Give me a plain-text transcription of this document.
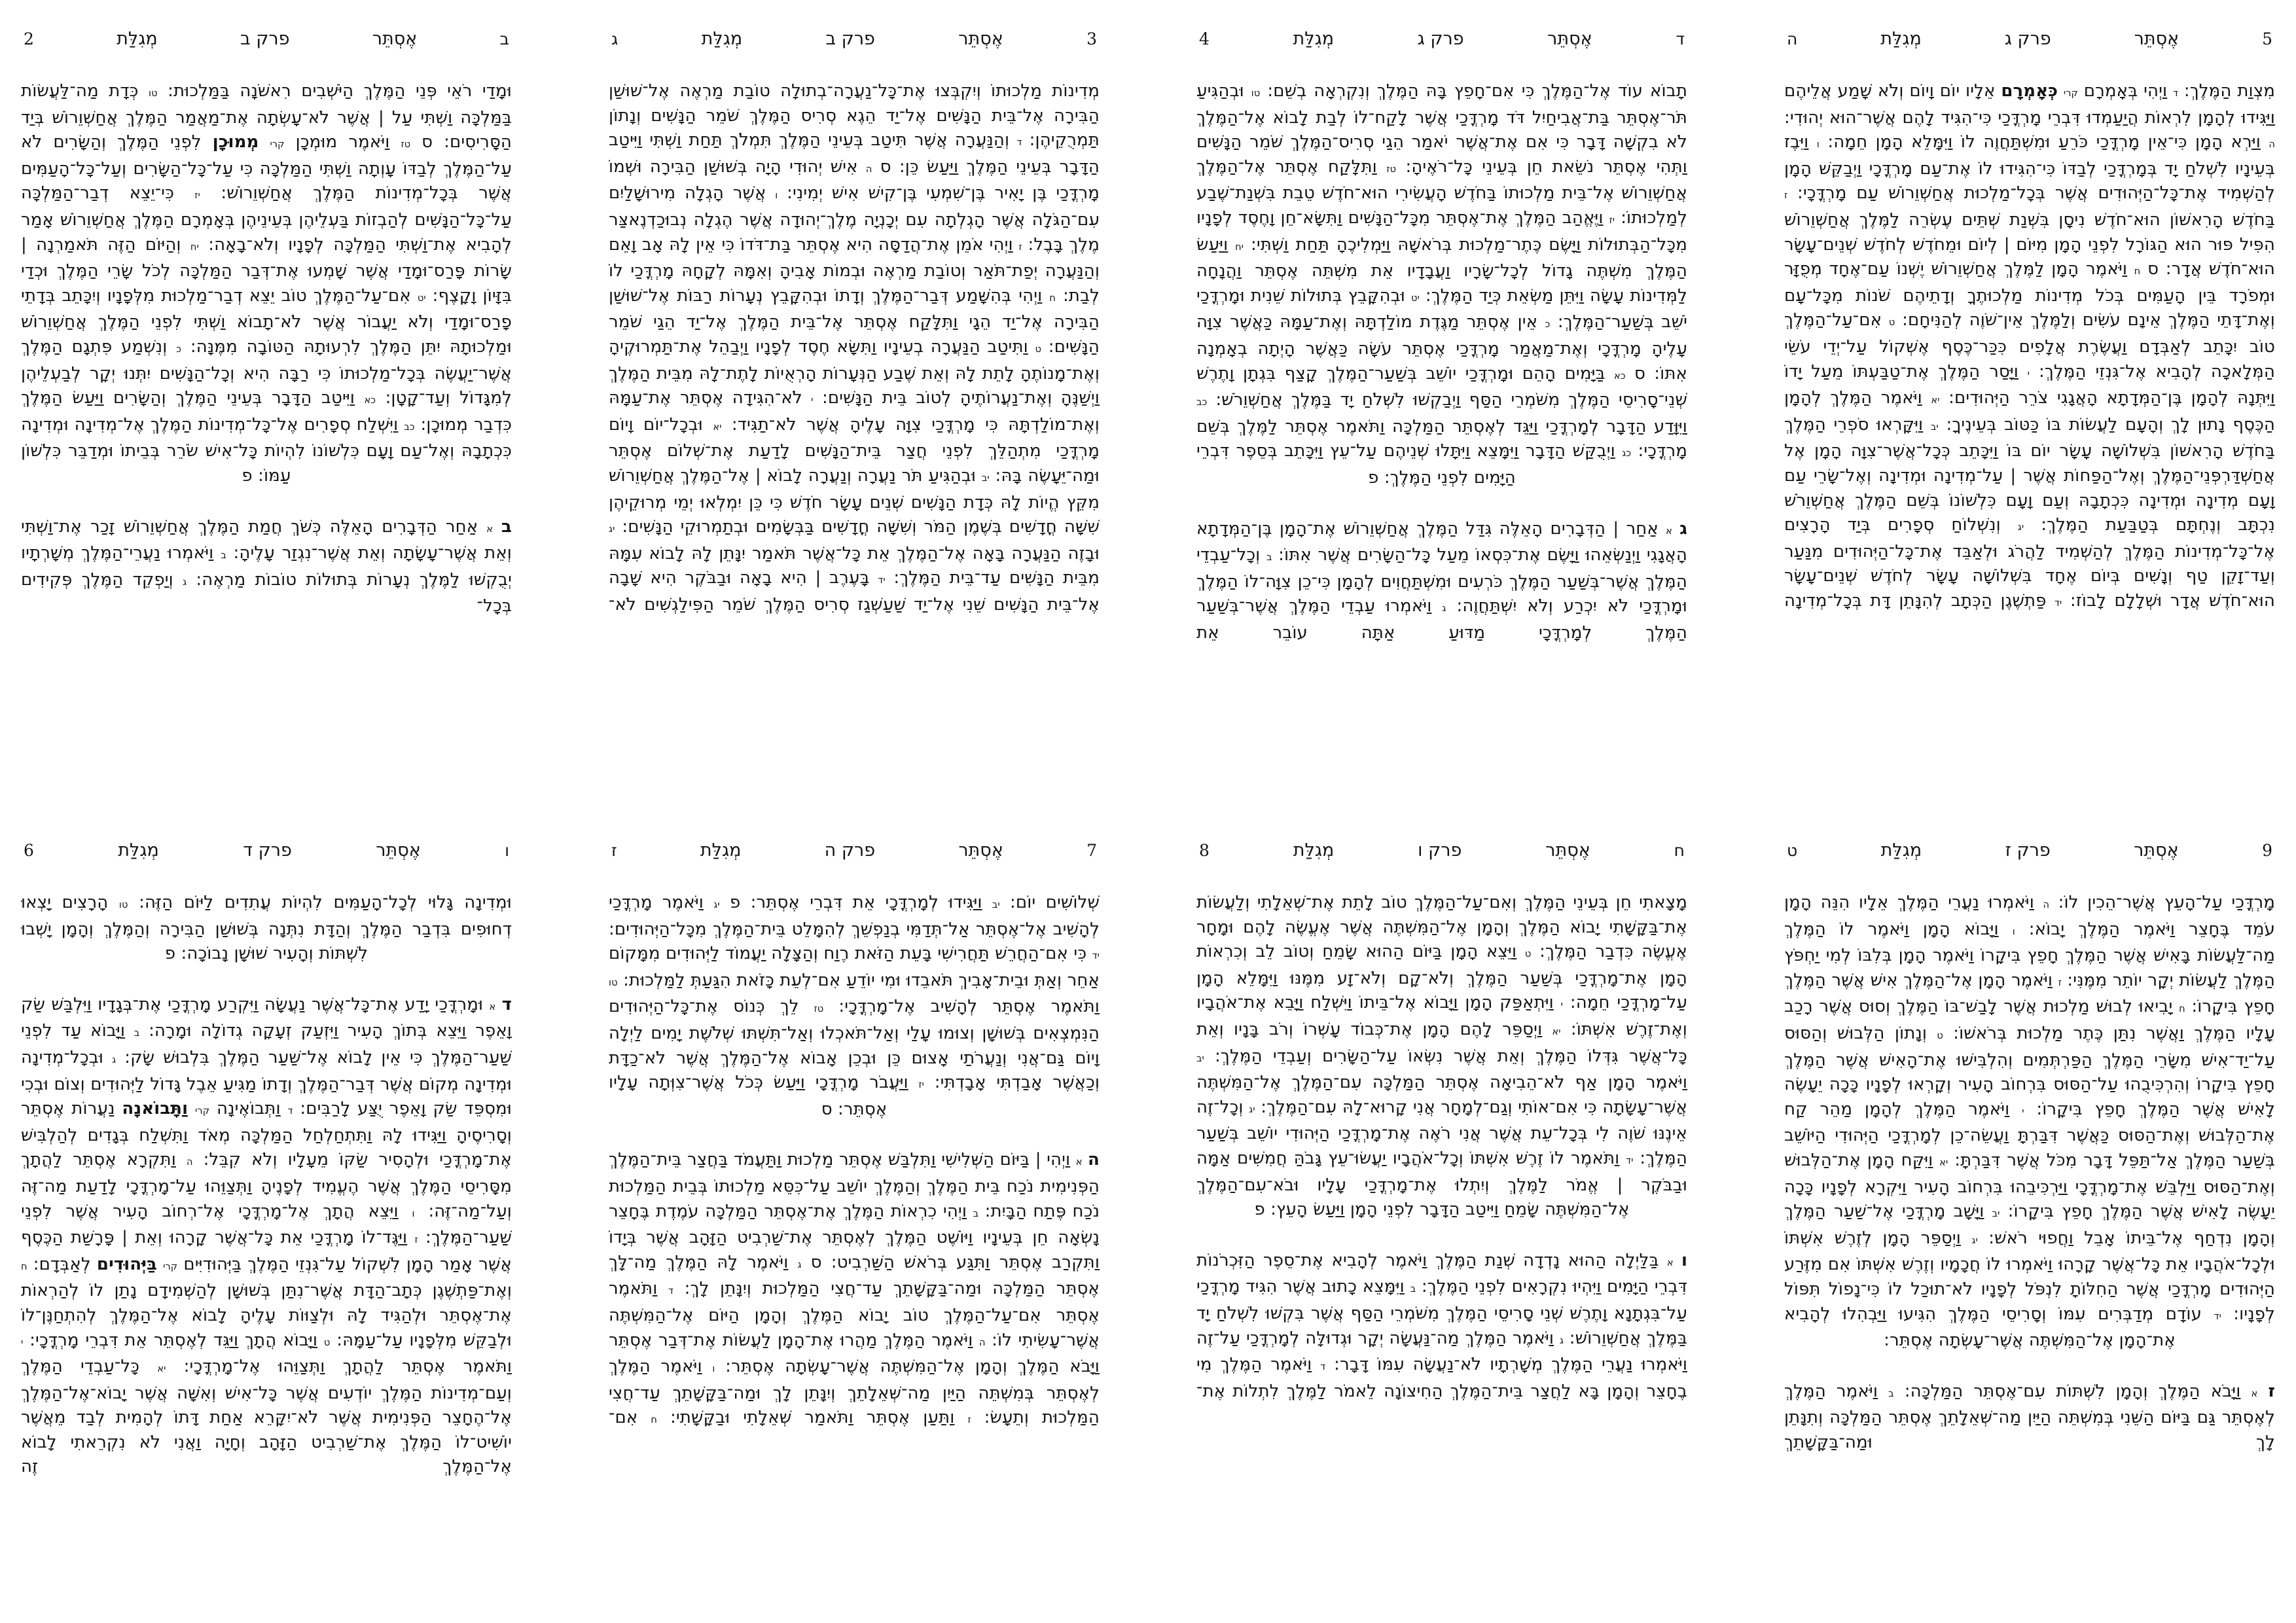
2	מְגִלַּת	פרק ב	אֶסְתֵּר	ב

וּמָדַי רֹאֵי פְּנֵי הַמֶּלֶךְ הַיֹּשְׁבִים רִאשֹׁנָה בַּמַּלְכוּת: טו כְּדָת מַה־לַּעֲשׂוֹת בַּמַּלְכָּה וַשְׁתִּי עַל | אֲשֶׁר לֹא־עָשְׂתָה אֶת־מַאֲמַר הַמֶּלֶךְ אֲחַשְׁוֵרוֹשׁ בְּיַד הַסָּרִיסִים: ס טז וַיֹּאמֶר מוּמְכָן קרי מְמוּכָן לִפְנֵי הַמֶּלֶךְ וְהַשָּׂרִים לֹא עַל־הַמֶּלֶךְ לְבַדּוֹ עָוְתָה וַשְׁתִּי הַמַּלְכָּה כִּי עַל־כָּל־הַשָּׂרִים וְעַל־כָּל־הָעַמִּים אֲשֶׁר בְּכָל־מְדִינוֹת הַמֶּלֶךְ אֲחַשְׁוֵרוֹשׁ: יז כִּי־יֵצֵא דְבַר־הַמַּלְכָּה עַל־כָּל־הַנָּשִׁים לְהַבְזוֹת בַּעְלֵיהֶן בְּעֵינֵיהֶן בְּאָמְרָם הַמֶּלֶךְ אֲחַשְׁוֵרוֹשׁ אָמַר לְהָבִיא אֶת־וַשְׁתִּי הַמַּלְכָּה לְפָנָיו וְלֹא־בָאָה: יח וְהַיּוֹם הַזֶּה תֹּאמַרְנָה | שָׂרוֹת פָּרַס־וּמָדַי אֲשֶׁר שָׁמְעוּ אֶת־דְּבַר הַמַּלְכָּה לְכֹל שָׂרֵי הַמֶּלֶךְ וּכְדַי בִּזָּיוֹן וָקָצֶף: יט אִם־עַל־הַמֶּלֶךְ טוֹב יֵצֵא דְבַר־מַלְכוּת מִלְּפָנָיו וְיִכָּתֵב בְּדָתֵי פָרַס־וּמָדַי וְלֹא יַעֲבוֹר אֲשֶׁר לֹא־תָבוֹא וַשְׁתִּי לִפְנֵי הַמֶּלֶךְ אֲחַשְׁוֵרוֹשׁ וּמַלְכוּתָהּ יִתֵּן הַמֶּלֶךְ לִרְעוּתָהּ הַטּוֹבָה מִמֶּנָּה: כ וְנִשְׁמַע פִּתְגָם הַמֶּלֶךְ אֲשֶׁר־יַעֲשֶׂה בְּכָל־מַלְכוּתוֹ כִּי רַבָּה הִיא וְכָל־הַנָּשִׁים יִתְּנוּ יְקָר לְבַעְלֵיהֶן לְמִגָּדוֹל וְעַד־קָטָן: כא וַיִּיטַב הַדָּבָר בְּעֵינֵי הַמֶּלֶךְ וְהַשָּׂרִים וַיַּעַשׂ הַמֶּלֶךְ כִּדְבַר מְמוּכָן: כב וַיִּשְׁלַח סְפָרִים אֶל־כָּל־מְדִינוֹת הַמֶּלֶךְ אֶל־מְדִינָה וּמְדִינָה כִּכְתָבָהּ וְאֶל־עַם וָעָם כִּלְשׁוֹנוֹ לִהְיוֹת כָּל־אִישׁ שֹׂרֵר בְּבֵיתוֹ וּמְדַבֵּר כִּלְשׁוֹן עַמּוֹ: פ

ב א אַחַר הַדְּבָרִים הָאֵלֶּה כְּשֹׁךְ חֲמַת הַמֶּלֶךְ אֲחַשְׁוֵרוֹשׁ זָכַר אֶת־וַשְׁתִּי וְאֵת אֲשֶׁר־עָשָׂתָה וְאֵת אֲשֶׁר־נִגְזַר עָלֶיהָ: ב וַיֹּאמְרוּ נַעֲרֵי־הַמֶּלֶךְ מְשָׁרְתָיו יְבֻקְשׁוּ לַמֶּלֶךְ נְעָרוֹת בְּתוּלוֹת טוֹבוֹת מַרְאֶה: ג וְיַפְקֵד הַמֶּלֶךְ פְּקִידִים בְּכָל־

ג	מְגִלַּת	פרק ב	אֶסְתֵּר	3

מְדִינוֹת מַלְכוּתוֹ וְיִקְבְּצוּ אֶת־כָּל־נַעֲרָה־בְתוּלָה טוֹבַת מַרְאֶה אֶל־שׁוּשַׁן הַבִּירָה אֶל־בֵּית הַנָּשִׁים אֶל־יַד הֵגֶא סְרִיס הַמֶּלֶךְ שֹׁמֵר הַנָּשִׁים וְנָתוֹן תַּמְרֻקֵיהֶן: ד וְהַנַּעֲרָה אֲשֶׁר תִּיטַב בְּעֵינֵי הַמֶּלֶךְ תִּמְלֹךְ תַּחַת וַשְׁתִּי וַיִּיטַב הַדָּבָר בְּעֵינֵי הַמֶּלֶךְ וַיַּעַשׂ כֵּן: ס ה אִישׁ יְהוּדִי הָיָה בְּשׁוּשַׁן הַבִּירָה וּשְׁמוֹ מָרְדֳּכַי בֶּן יָאִיר בֶּן־שִׁמְעִי בֶּן־קִישׁ אִישׁ יְמִינִי: ו אֲשֶׁר הָגְלָה מִירוּשָׁלַיִם עִם־הַגֹּלָה אֲשֶׁר הָגְלְתָה עִם יְכָנְיָה מֶלֶךְ־יְהוּדָה אֲשֶׁר הֶגְלָה נְבוּכַדְנֶאצַּר מֶלֶךְ בָּבֶל: ז וַיְהִי אֹמֵן אֶת־הֲדַסָּה הִיא אֶסְתֵּר בַּת־דֹּדוֹ כִּי אֵין לָהּ אָב וָאֵם וְהַנַּעֲרָה יְפַת־תֹּאַר וְטוֹבַת מַרְאֶה וּבְמוֹת אָבִיהָ וְאִמָּהּ לְקָחָהּ מָרְדֳּכַי לוֹ לְבַת: ח וַיְהִי בְּהִשָּׁמַע דְּבַר־הַמֶּלֶךְ וְדָתוֹ וּבְהִקָּבֵץ נְעָרוֹת רַבּוֹת אֶל־שׁוּשַׁן הַבִּירָה אֶל־יַד הֵגָי וַתִּלָּקַח אֶסְתֵּר אֶל־בֵּית הַמֶּלֶךְ אֶל־יַד הֵגַי שֹׁמֵר הַנָּשִׁים: ט וַתִּיטַב הַנַּעֲרָה בְעֵינָיו וַתִּשָּׂא חֶסֶד לְפָנָיו וַיְבַהֵל אֶת־תַּמְרוּקֶיהָ וְאֶת־מָנוֹתֶהָ לָתֵת לָהּ וְאֵת שֶׁבַע הַנְּעָרוֹת הָרְאֻיוֹת לָתֶת־לָהּ מִבֵּית הַמֶּלֶךְ וַיְשַׁנֶּהָ וְאֶת־נַעֲרוֹתֶיהָ לְטוֹב בֵּית הַנָּשִׁים: י לֹא־הִגִּידָה אֶסְתֵּר אֶת־עַמָּהּ וְאֶת־מוֹלַדְתָּהּ כִּי מָרְדֳּכַי צִוָּה עָלֶיהָ אֲשֶׁר לֹא־תַגִּיד: יא וּבְכָל־יוֹם וָיוֹם מָרְדֳּכַי מִתְהַלֵּךְ לִפְנֵי חֲצַר בֵּית־הַנָּשִׁים לָדַעַת אֶת־שְׁלוֹם אֶסְתֵּר וּמַה־יֵּעָשֶׂה בָּהּ: יב וּבְהַגִּיעַ תֹּר נַעֲרָה וְנַעֲרָה לָבוֹא | אֶל־הַמֶּלֶךְ אֲחַשְׁוֵרוֹשׁ מִקֵּץ הֱיוֹת לָהּ כְּדָת הַנָּשִׁים שְׁנֵים עָשָׂר חֹדֶשׁ כִּי כֵּן יִמְלְאוּ יְמֵי מְרוּקֵיהֶן שִׁשָּׁה חֳדָשִׁים בְּשֶׁמֶן הַמֹּר וְשִׁשָּׁה חֳדָשִׁים בַּבְּשָׂמִים וּבְתַמְרוּקֵי הַנָּשִׁים: יג וּבָזֶה הַנַּעֲרָה בָּאָה אֶל־הַמֶּלֶךְ אֵת כָּל־אֲשֶׁר תֹּאמַר יִנָּתֵן לָהּ לָבוֹא עִמָּהּ מִבֵּית הַנָּשִׁים עַד־בֵּית הַמֶּלֶךְ: יד בָּעֶרֶב | הִיא בָאָה וּבַבֹּקֶר הִיא שָׁבָה אֶל־בֵּית הַנָּשִׁים שֵׁנִי אֶל־יַד שַׁעַשְׁגַז סְרִיס הַמֶּלֶךְ שֹׁמֵר הַפִּילַגְשִׁים לֹא־

4	מְגִלַּת	פרק ג	אֶסְתֵּר	ד

תָבוֹא עוֹד אֶל־הַמֶּלֶךְ כִּי אִם־חָפֵץ בָּהּ הַמֶּלֶךְ וְנִקְרְאָה בְשֵׁם: טו וּבְהַגִּיעַ תֹּר־אֶסְתֵּר בַּת־אֲבִיחַיִל דֹּד מָרְדֳּכַי אֲשֶׁר לָקַח־לוֹ לְבַת לָבוֹא אֶל־הַמֶּלֶךְ לֹא בִקְשָׁה דָּבָר כִּי אִם אֶת־אֲשֶׁר יֹאמַר הֵגַי סְרִיס־הַמֶּלֶךְ שֹׁמֵר הַנָּשִׁים וַתְּהִי אֶסְתֵּר נֹשֵׂאת חֵן בְּעֵינֵי כָּל־רֹאֶיהָ: טז וַתִּלָּקַח אֶסְתֵּר אֶל־הַמֶּלֶךְ אֲחַשְׁוֵרוֹשׁ אֶל־בֵּית מַלְכוּתוֹ בַּחֹדֶשׁ הָעֲשִׂירִי הוּא־חֹדֶשׁ טֵבֵת בִּשְׁנַת־שֶׁבַע לְמַלְכוּתוֹ: יז וַיֶּאֱהַב הַמֶּלֶךְ אֶת־אֶסְתֵּר מִכָּל־הַנָּשִׁים וַתִּשָּׂא־חֵן וָחֶסֶד לְפָנָיו מִכָּל־הַבְּתוּלוֹת וַיָּשֶׂם כֶּתֶר־מַלְכוּת בְּרֹאשָׁהּ וַיַּמְלִיכֶהָ תַּחַת וַשְׁתִּי: יח וַיַּעַשׂ הַמֶּלֶךְ מִשְׁתֶּה גָדוֹל לְכָל־שָׂרָיו וַעֲבָדָיו אֵת מִשְׁתֵּה אֶסְתֵּר וַהֲנָחָה לַמְּדִינוֹת עָשָׂה וַיִּתֵּן מַשְׂאֵת כְּיַד הַמֶּלֶךְ: יט וּבְהִקָּבֵץ בְּתוּלוֹת שֵׁנִית וּמָרְדֳּכַי יֹשֵׁב בְּשַׁעַר־הַמֶּלֶךְ: כ אֵין אֶסְתֵּר מַגֶּדֶת מוֹלַדְתָּהּ וְאֶת־עַמָּהּ כַּאֲשֶׁר צִוָּה עָלֶיהָ מָרְדֳּכָי וְאֶת־מַאֲמַר מָרְדֳּכַי אֶסְתֵּר עֹשָׂה כַּאֲשֶׁר הָיְתָה בְאָמְנָה אִתּוֹ: ס כא בַּיָּמִים הָהֵם וּמָרְדֳּכַי יוֹשֵׁב בְּשַׁעַר־הַמֶּלֶךְ קָצַף בִּגְתָן וָתֶרֶשׁ שְׁנֵי־סָרִיסֵי הַמֶּלֶךְ מִשֹּׁמְרֵי הַסַּף וַיְבַקְשׁוּ לִשְׁלֹחַ יָד בַּמֶּלֶךְ אֲחַשְׁוֵרֹשׁ: כב וַיִּוָּדַע הַדָּבָר לְמָרְדֳּכַי וַיַּגֵּד לְאֶסְתֵּר הַמַּלְכָּה וַתֹּאמֶר אֶסְתֵּר לַמֶּלֶךְ בְּשֵׁם מָרְדֳּכָי: כג וַיְבֻקַּשׁ הַדָּבָר וַיִּמָּצֵא וַיִּתָּלוּ שְׁנֵיהֶם עַל־עֵץ וַיִּכָּתֵב בְּסֵפֶר דִּבְרֵי הַיָּמִים לִפְנֵי הַמֶּלֶךְ: פ

ג א אַחַר | הַדְּבָרִים הָאֵלֶּה גִּדַּל הַמֶּלֶךְ אֲחַשְׁוֵרוֹשׁ אֶת־הָמָן בֶּן־הַמְּדָתָא הָאֲגָגִי וַיְנַשְּׂאֵהוּ וַיָּשֶׂם אֶת־כִּסְאוֹ מֵעַל כָּל־הַשָּׂרִים אֲשֶׁר אִתּוֹ: ב וְכָל־עַבְדֵי הַמֶּלֶךְ אֲשֶׁר־בְּשַׁעַר הַמֶּלֶךְ כֹּרְעִים וּמִשְׁתַּחֲוִים לְהָמָן כִּי־כֵן צִוָּה־לוֹ הַמֶּלֶךְ וּמָרְדֳּכַי לֹא יִכְרַע וְלֹא יִשְׁתַּחֲוֶה: ג וַיֹּאמְרוּ עַבְדֵי הַמֶּלֶךְ אֲשֶׁר־בְּשַׁעַר הַמֶּלֶךְ לְמָרְדֳּכָי מַדּוּעַ אַתָּה עוֹבֵר אֵת

ה	מְגִלַּת	פרק ג	אֶסְתֵּר	5

מִצְוַת הַמֶּלֶךְ: ד וַיְהִי בְּאָמְרָם קרי כְּאָמְרָם אֵלָיו יוֹם וָיוֹם וְלֹא שָׁמַע אֲלֵיהֶם וַיַּגִּידוּ לְהָמָן לִרְאוֹת הֲיַעַמְדוּ דִּבְרֵי מָרְדֳּכַי כִּי־הִגִּיד לָהֶם אֲשֶׁר־הוּא יְהוּדִי: ה וַיַּרְא הָמָן כִּי־אֵין מָרְדֳּכַי כֹּרֵעַ וּמִשְׁתַּחֲוֶה לוֹ וַיִּמָּלֵא הָמָן חֵמָה: ו וַיִּבֶז בְּעֵינָיו לִשְׁלֹחַ יָד בְּמָרְדֳּכַי לְבַדּוֹ כִּי־הִגִּידוּ לוֹ אֶת־עַם מָרְדֳּכָי וַיְבַקֵּשׁ הָמָן לְהַשְׁמִיד אֶת־כָּל־הַיְּהוּדִים אֲשֶׁר בְּכָל־מַלְכוּת אֲחַשְׁוֵרוֹשׁ עַם מָרְדֳּכָי: ז בַּחֹדֶשׁ הָרִאשׁוֹן הוּא־חֹדֶשׁ נִיסָן בִּשְׁנַת שְׁתֵּים עֶשְׂרֵה לַמֶּלֶךְ אֲחַשְׁוֵרוֹשׁ הִפִּיל פּוּר הוּא הַגּוֹרָל לִפְנֵי הָמָן מִיּוֹם | לְיוֹם וּמֵחֹדֶשׁ לְחֹדֶשׁ שְׁנֵים־עָשָׂר הוּא־חֹדֶשׁ אֲדָר: ס ח וַיֹּאמֶר הָמָן לַמֶּלֶךְ אֲחַשְׁוֵרוֹשׁ יֶשְׁנוֹ עַם־אֶחָד מְפֻזָּר וּמְפֹרָד בֵּין הָעַמִּים בְּכֹל מְדִינוֹת מַלְכוּתֶךָ וְדָתֵיהֶם שֹׁנוֹת מִכָּל־עָם וְאֶת־דָּתֵי הַמֶּלֶךְ אֵינָם עֹשִׂים וְלַמֶּלֶךְ אֵין־שֹׁוֶה לְהַנִּיחָם: ט אִם־עַל־הַמֶּלֶךְ טוֹב יִכָּתֵב לְאַבְּדָם וַעֲשֶׂרֶת אֲלָפִים כִּכַּר־כֶּסֶף אֶשְׁקוֹל עַל־יְדֵי עֹשֵׂי הַמְּלָאכָה לְהָבִיא אֶל־גִּנְזֵי הַמֶּלֶךְ: י וַיָּסַר הַמֶּלֶךְ אֶת־טַבַּעְתּוֹ מֵעַל יָדוֹ וַיִּתְּנָהּ לְהָמָן בֶּן־הַמְּדָתָא הָאֲגָגִי צֹרֵר הַיְּהוּדִים: יא וַיֹּאמֶר הַמֶּלֶךְ לְהָמָן הַכֶּסֶף נָתוּן לָךְ וְהָעָם לַעֲשׂוֹת בּוֹ כַּטּוֹב בְּעֵינֶיךָ: יב וַיִּקָּרְאוּ סֹפְרֵי הַמֶּלֶךְ בַּחֹדֶשׁ הָרִאשׁוֹן בִּשְׁלוֹשָׁה עָשָׂר יוֹם בּוֹ וַיִּכָּתֵב כְּכָל־אֲשֶׁר־צִוָּה הָמָן אֶל אֲחַשְׁדַּרְפְּנֵי־הַמֶּלֶךְ וְאֶל־הַפַּחוֹת אֲשֶׁר | עַל־מְדִינָה וּמְדִינָה וְאֶל־שָׂרֵי עַם וָעָם מְדִינָה וּמְדִינָה כִּכְתָבָהּ וְעַם וָעָם כִּלְשׁוֹנוֹ בְּשֵׁם הַמֶּלֶךְ אֲחַשְׁוֵרֹשׁ נִכְתָּב וְנֶחְתָּם בְּטַבַּעַת הַמֶּלֶךְ: יג וְנִשְׁלוֹחַ סְפָרִים בְּיַד הָרָצִים אֶל־כָּל־מְדִינוֹת הַמֶּלֶךְ לְהַשְׁמִיד לַהֲרֹג וּלְאַבֵּד אֶת־כָּל־הַיְּהוּדִים מִנַּעַר וְעַד־זָקֵן טַף וְנָשִׁים בְּיוֹם אֶחָד בִּשְׁלוֹשָׁה עָשָׂר לְחֹדֶשׁ שְׁנֵים־עָשָׂר הוּא־חֹדֶשׁ אֲדָר וּשְׁלָלָם לָבוֹז: יד פַּתְשֶׁגֶן הַכְּתָב לְהִנָּתֵן דָּת בְּכָל־מְדִינָה

6	מְגִלַּת	פרק ד	אֶסְתֵּר	ו

וּמְדִינָה גָּלוּי לְכָל־הָעַמִּים לִהְיוֹת עֲתִדִים לַיּוֹם הַזֶּה: טו הָרָצִים יָצְאוּ דְחוּפִים בִּדְבַר הַמֶּלֶךְ וְהַדָּת נִתְּנָה בְּשׁוּשַׁן הַבִּירָה וְהַמֶּלֶךְ וְהָמָן יָשְׁבוּ לִשְׁתּוֹת וְהָעִיר שׁוּשָׁן נָבוֹכָה: פ

ד א וּמָרְדֳּכַי יָדַע אֶת־כָּל־אֲשֶׁר נַעֲשָׂה וַיִּקְרַע מָרְדֳּכַי אֶת־בְּגָדָיו וַיִּלְבַּשׁ שַׂק וָאֵפֶר וַיֵּצֵא בְּתוֹךְ הָעִיר וַיִּזְעַק זְעָקָה גְדוֹלָה וּמָרָה: ב וַיָּבוֹא עַד לִפְנֵי שַׁעַר־הַמֶּלֶךְ כִּי אֵין לָבוֹא אֶל־שַׁעַר הַמֶּלֶךְ בִּלְבוּשׁ שָׂק: ג וּבְכָל־מְדִינָה וּמְדִינָה מְקוֹם אֲשֶׁר דְּבַר־הַמֶּלֶךְ וְדָתוֹ מַגִּיעַ אֵבֶל גָּדוֹל לַיְּהוּדִים וְצוֹם וּבְכִי וּמִסְפֵּד שַׂק וָאֵפֶר יֻצַּע לָרַבִּים: ד וַתְּבוֹאֶינָה קרי וַתָּבוֹאנָה נַעֲרוֹת אֶסְתֵּר וְסָרִיסֶיהָ וַיַּגִּידוּ לָהּ וַתִּתְחַלְחַל הַמַּלְכָּה מְאֹד וַתִּשְׁלַח בְּגָדִים לְהַלְבִּישׁ אֶת־מָרְדֳּכַי וּלְהָסִיר שַׂקּוֹ מֵעָלָיו וְלֹא קִבֵּל: ה וַתִּקְרָא אֶסְתֵּר לַהֲתָךְ מִסָּרִיסֵי הַמֶּלֶךְ אֲשֶׁר הֶעֱמִיד לְפָנֶיהָ וַתְּצַוֵּהוּ עַל־מָרְדֳּכָי לָדַעַת מַה־זֶּה וְעַל־מַה־זֶּה: ו וַיֵּצֵא הֲתָךְ אֶל־מָרְדֳּכָי אֶל־רְחוֹב הָעִיר אֲשֶׁר לִפְנֵי שַׁעַר־הַמֶּלֶךְ: ז וַיַּגֶּד־לוֹ מָרְדֳּכַי אֵת כָּל־אֲשֶׁר קָרָהוּ וְאֵת | פָּרָשַׁת הַכֶּסֶף אֲשֶׁר אָמַר הָמָן לִשְׁקוֹל עַל־גִּנְזֵי הַמֶּלֶךְ בַּיְּהוּדִיִּים קרי בַּיְּהוּדִים לְאַבְּדָם: ח וְאֶת־פַּתְשֶׁגֶן כְּתָב־הַדָּת אֲשֶׁר־נִתַּן בְּשׁוּשָׁן לְהַשְׁמִידָם נָתַן לוֹ לְהַרְאוֹת אֶת־אֶסְתֵּר וּלְהַגִּיד לָהּ וּלְצַוּוֹת עָלֶיהָ לָבוֹא אֶל־הַמֶּלֶךְ לְהִתְחַנֶּן־לוֹ וּלְבַקֵּשׁ מִלְּפָנָיו עַל־עַמָּהּ: ט וַיָּבוֹא הֲתָךְ וַיַּגֵּד לְאֶסְתֵּר אֵת דִּבְרֵי מָרְדֳּכָי: י וַתֹּאמֶר אֶסְתֵּר לַהֲתָךְ וַתְּצַוֵּהוּ אֶל־מָרְדֳּכָי: יא כָּל־עַבְדֵי הַמֶּלֶךְ וְעַם־מְדִינוֹת הַמֶּלֶךְ יוֹדְעִים אֲשֶׁר כָּל־אִישׁ וְאִשָּׁה אֲשֶׁר יָבוֹא־אֶל־הַמֶּלֶךְ אֶל־הֶחָצֵר הַפְּנִימִית אֲשֶׁר לֹא־יִקָּרֵא אַחַת דָּתוֹ לְהָמִית לְבַד מֵאֲשֶׁר יוֹשִׁיט־לוֹ הַמֶּלֶךְ אֶת־שַׁרְבִיט הַזָּהָב וְחָיָה וַאֲנִי לֹא נִקְרֵאתִי לָבוֹא אֶל־הַמֶּלֶךְ זֶה

ז	מְגִלַּת	פרק ה	אֶסְתֵּר	7

שְׁלוֹשִׁים יוֹם: יב וַיַּגִּידוּ לְמָרְדֳּכָי אֵת דִּבְרֵי אֶסְתֵּר: פ יג וַיֹּאמֶר מָרְדֳּכַי לְהָשִׁיב אֶל־אֶסְתֵּר אַל־תְּדַמִּי בְנַפְשֵׁךְ לְהִמָּלֵט בֵּית־הַמֶּלֶךְ מִכָּל־הַיְּהוּדִים: יד כִּי אִם־הַחֲרֵשׁ תַּחֲרִישִׁי בָּעֵת הַזֹּאת רֶוַח וְהַצָּלָה יַעֲמוֹד לַיְּהוּדִים מִמָּקוֹם אַחֵר וְאַתְּ וּבֵית־אָבִיךְ תֹּאבֵדוּ וּמִי יוֹדֵעַ אִם־לְעֵת כָּזֹאת הִגַּעַתְּ לַמַּלְכוּת: טו וַתֹּאמֶר אֶסְתֵּר לְהָשִׁיב אֶל־מָרְדֳּכָי: טז לֵךְ כְּנוֹס אֶת־כָּל־הַיְּהוּדִים הַנִּמְצְאִים בְּשׁוּשָׁן וְצוּמוּ עָלַי וְאַל־תֹּאכְלוּ וְאַל־תִּשְׁתּוּ שְׁלֹשֶׁת יָמִים לַיְלָה וָיוֹם גַּם־אֲנִי וְנַעֲרֹתַי אָצוּם כֵּן וּבְכֵן אָבוֹא אֶל־הַמֶּלֶךְ אֲשֶׁר לֹא־כַדָּת וְכַאֲשֶׁר אָבַדְתִּי אָבָדְתִּי: יז וַיַּעֲבֹר מָרְדֳּכָי וַיַּעַשׂ כְּכֹל אֲשֶׁר־צִוְּתָה עָלָיו אֶסְתֵּר: ס

ה א וַיְהִי | בַּיּוֹם הַשְּׁלִישִׁי וַתִּלְבַּשׁ אֶסְתֵּר מַלְכוּת וַתַּעֲמֹד בַּחֲצַר בֵּית־הַמֶּלֶךְ הַפְּנִימִית נֹכַח בֵּית הַמֶּלֶךְ וְהַמֶּלֶךְ יוֹשֵׁב עַל־כִּסֵּא מַלְכוּתוֹ בְּבֵית הַמַּלְכוּת נֹכַח פֶּתַח הַבָּיִת: ב וַיְהִי כִרְאוֹת הַמֶּלֶךְ אֶת־אֶסְתֵּר הַמַּלְכָּה עֹמֶדֶת בֶּחָצֵר נָשְׂאָה חֵן בְּעֵינָיו וַיּוֹשֶׁט הַמֶּלֶךְ לְאֶסְתֵּר אֶת־שַׁרְבִיט הַזָּהָב אֲשֶׁר בְּיָדוֹ וַתִּקְרַב אֶסְתֵּר וַתִּגַּע בְּרֹאשׁ הַשַּׁרְבִיט: ס ג וַיֹּאמֶר לָהּ הַמֶּלֶךְ מַה־לָּךְ אֶסְתֵּר הַמַּלְכָּה וּמַה־בַּקָּשָׁתֵךְ עַד־חֲצִי הַמַּלְכוּת וְיִנָּתֵן לָךְ: ד וַתֹּאמֶר אֶסְתֵּר אִם־עַל־הַמֶּלֶךְ טוֹב יָבוֹא הַמֶּלֶךְ וְהָמָן הַיּוֹם אֶל־הַמִּשְׁתֶּה אֲשֶׁר־עָשִׂיתִי לוֹ: ה וַיֹּאמֶר הַמֶּלֶךְ מַהֲרוּ אֶת־הָמָן לַעֲשׂוֹת אֶת־דְּבַר אֶסְתֵּר וַיָּבֹא הַמֶּלֶךְ וְהָמָן אֶל־הַמִּשְׁתֶּה אֲשֶׁר־עָשְׂתָה אֶסְתֵּר: ו וַיֹּאמֶר הַמֶּלֶךְ לְאֶסְתֵּר בְּמִשְׁתֵּה הַיַּיִן מַה־שְּׁאֵלָתֵךְ וְיִנָּתֵן לָךְ וּמַה־בַּקָּשָׁתֵךְ עַד־חֲצִי הַמַּלְכוּת וְתֵעָשׂ: ז וַתַּעַן אֶסְתֵּר וַתֹּאמַר שְׁאֵלָתִי וּבַקָּשָׁתִי: ח אִם־

8	מְגִלַּת	פרק ו	אֶסְתֵּר	ח

מָצָאתִי חֵן בְּעֵינֵי הַמֶּלֶךְ וְאִם־עַל־הַמֶּלֶךְ טוֹב לָתֵת אֶת־שְׁאֵלָתִי וְלַעֲשׂוֹת אֶת־בַּקָּשָׁתִי יָבוֹא הַמֶּלֶךְ וְהָמָן אֶל־הַמִּשְׁתֶּה אֲשֶׁר אֶעֱשֶׂה לָהֶם וּמָחָר אֶעֱשֶׂה כִּדְבַר הַמֶּלֶךְ: ט וַיֵּצֵא הָמָן בַּיּוֹם הַהוּא שָׂמֵחַ וְטוֹב לֵב וְכִרְאוֹת הָמָן אֶת־מָרְדֳּכַי בְּשַׁעַר הַמֶּלֶךְ וְלֹא־קָם וְלֹא־זָע מִמֶּנּוּ וַיִּמָּלֵא הָמָן עַל־מָרְדֳּכַי חֵמָה: י וַיִּתְאַפַּק הָמָן וַיָּבוֹא אֶל־בֵּיתוֹ וַיִּשְׁלַח וַיָּבֵא אֶת־אֹהֲבָיו וְאֶת־זֶרֶשׁ אִשְׁתּוֹ: יא וַיְסַפֵּר לָהֶם הָמָן אֶת־כְּבוֹד עָשְׁרוֹ וְרֹב בָּנָיו וְאֵת כָּל־אֲשֶׁר גִּדְּלוֹ הַמֶּלֶךְ וְאֵת אֲשֶׁר נִשְּׂאוֹ עַל־הַשָּׂרִים וְעַבְדֵי הַמֶּלֶךְ: יב וַיֹּאמֶר הָמָן אַף לֹא־הֵבִיאָה אֶסְתֵּר הַמַּלְכָּה עִם־הַמֶּלֶךְ אֶל־הַמִּשְׁתֶּה אֲשֶׁר־עָשָׂתָה כִּי אִם־אוֹתִי וְגַם־לְמָחָר אֲנִי קָרוּא־לָהּ עִם־הַמֶּלֶךְ: יג וְכָל־זֶה אֵינֶנּוּ שֹׁוֶה לִי בְּכָל־עֵת אֲשֶׁר אֲנִי רֹאֶה אֶת־מָרְדֳּכַי הַיְּהוּדִי יוֹשֵׁב בְּשַׁעַר הַמֶּלֶךְ: יד וַתֹּאמֶר לוֹ זֶרֶשׁ אִשְׁתּוֹ וְכָל־אֹהֲבָיו יַעֲשׂוּ־עֵץ גָּבֹהַּ חֲמִשִּׁים אַמָּה וּבַבֹּקֶר | אֱמֹר לַמֶּלֶךְ וְיִתְלוּ אֶת־מָרְדֳּכַי עָלָיו וּבֹא־עִם־הַמֶּלֶךְ אֶל־הַמִּשְׁתֶּה שָׂמֵחַ וַיִּיטַב הַדָּבָר לִפְנֵי הָמָן וַיַּעַשׂ הָעֵץ: פ

ו א בַּלַּיְלָה הַהוּא נָדְדָה שְׁנַת הַמֶּלֶךְ וַיֹּאמֶר לְהָבִיא אֶת־סֵפֶר הַזִּכְרֹנוֹת דִּבְרֵי הַיָּמִים וַיִּהְיוּ נִקְרָאִים לִפְנֵי הַמֶּלֶךְ: ב וַיִּמָּצֵא כָתוּב אֲשֶׁר הִגִּיד מָרְדֳּכַי עַל־בִּגְתָנָא וָתֶרֶשׁ שְׁנֵי סָרִיסֵי הַמֶּלֶךְ מִשֹּׁמְרֵי הַסַּף אֲשֶׁר בִּקְשׁוּ לִשְׁלֹחַ יָד בַּמֶּלֶךְ אֲחַשְׁוֵרוֹשׁ: ג וַיֹּאמֶר הַמֶּלֶךְ מַה־נַּעֲשָׂה יְקָר וּגְדוּלָּה לְמָרְדֳּכַי עַל־זֶה וַיֹּאמְרוּ נַעֲרֵי הַמֶּלֶךְ מְשָׁרְתָיו לֹא־נַעֲשָׂה עִמּוֹ דָּבָר: ד וַיֹּאמֶר הַמֶּלֶךְ מִי בֶחָצֵר וְהָמָן בָּא לַחֲצַר בֵּית־הַמֶּלֶךְ הַחִיצוֹנָה לֵאמֹר לַמֶּלֶךְ לִתְלוֹת אֶת־

ט	מְגִלַּת	פרק ז	אֶסְתֵּר	9

מָרְדֳּכַי עַל־הָעֵץ אֲשֶׁר־הֵכִין לוֹ: ה וַיֹּאמְרוּ נַעֲרֵי הַמֶּלֶךְ אֵלָיו הִנֵּה הָמָן עֹמֵד בֶּחָצֵר וַיֹּאמֶר הַמֶּלֶךְ יָבוֹא: ו וַיָּבוֹא הָמָן וַיֹּאמֶר לוֹ הַמֶּלֶךְ מַה־לַּעֲשׂוֹת בָּאִישׁ אֲשֶׁר הַמֶּלֶךְ חָפֵץ בִּיקָרוֹ וַיֹּאמֶר הָמָן בְּלִבּוֹ לְמִי יַחְפֹּץ הַמֶּלֶךְ לַעֲשׂוֹת יְקָר יוֹתֵר מִמֶּנִּי: ז וַיֹּאמֶר הָמָן אֶל־הַמֶּלֶךְ אִישׁ אֲשֶׁר הַמֶּלֶךְ חָפֵץ בִּיקָרוֹ: ח יָבִיאוּ לְבוּשׁ מַלְכוּת אֲשֶׁר לָבַשׁ־בּוֹ הַמֶּלֶךְ וְסוּס אֲשֶׁר רָכַב עָלָיו הַמֶּלֶךְ וַאֲשֶׁר נִתַּן כֶּתֶר מַלְכוּת בְּרֹאשׁוֹ: ט וְנָתוֹן הַלְּבוּשׁ וְהַסּוּס עַל־יַד־אִישׁ מִשָּׂרֵי הַמֶּלֶךְ הַפַּרְתְּמִים וְהִלְבִּישׁוּ אֶת־הָאִישׁ אֲשֶׁר הַמֶּלֶךְ חָפֵץ בִּיקָרוֹ וְהִרְכִּיבֻהוּ עַל־הַסּוּס בִּרְחוֹב הָעִיר וְקָרְאוּ לְפָנָיו כָּכָה יֵעָשֶׂה לָאִישׁ אֲשֶׁר הַמֶּלֶךְ חָפֵץ בִּיקָרוֹ: י וַיֹּאמֶר הַמֶּלֶךְ לְהָמָן מַהֵר קַח אֶת־הַלְּבוּשׁ וְאֶת־הַסּוּס כַּאֲשֶׁר דִּבַּרְתָּ וַעֲשֵׂה־כֵן לְמָרְדֳּכַי הַיְּהוּדִי הַיּוֹשֵׁב בְּשַׁעַר הַמֶּלֶךְ אַל־תַּפֵּל דָּבָר מִכֹּל אֲשֶׁר דִּבַּרְתָּ: יא וַיִּקַּח הָמָן אֶת־הַלְּבוּשׁ וְאֶת־הַסּוּס וַיַּלְבֵּשׁ אֶת־מָרְדֳּכָי וַיַּרְכִּיבֵהוּ בִּרְחוֹב הָעִיר וַיִּקְרָא לְפָנָיו כָּכָה יֵעָשֶׂה לָאִישׁ אֲשֶׁר הַמֶּלֶךְ חָפֵץ בִּיקָרוֹ: יב וַיָּשָׁב מָרְדֳּכַי אֶל־שַׁעַר הַמֶּלֶךְ וְהָמָן נִדְחַף אֶל־בֵּיתוֹ אָבֵל וַחֲפוּי רֹאשׁ: יג וַיְסַפֵּר הָמָן לְזֶרֶשׁ אִשְׁתּוֹ וּלְכָל־אֹהֲבָיו אֵת כָּל־אֲשֶׁר קָרָהוּ וַיֹּאמְרוּ לוֹ חֲכָמָיו וְזֶרֶשׁ אִשְׁתּוֹ אִם מִזֶּרַע הַיְּהוּדִים מָרְדֳּכַי אֲשֶׁר הַחִלּוֹתָ לִנְפֹּל לְפָנָיו לֹא־תוּכַל לוֹ כִּי־נָפוֹל תִּפּוֹל לְפָנָיו: יד עוֹדָם מְדַבְּרִים עִמּוֹ וְסָרִיסֵי הַמֶּלֶךְ הִגִּיעוּ וַיַּבְהִלוּ לְהָבִיא אֶת־הָמָן אֶל־הַמִּשְׁתֶּה אֲשֶׁר־עָשְׂתָה אֶסְתֵּר:

ז א וַיָּבֹא הַמֶּלֶךְ וְהָמָן לִשְׁתּוֹת עִם־אֶסְתֵּר הַמַּלְכָּה: ב וַיֹּאמֶר הַמֶּלֶךְ לְאֶסְתֵּר גַּם בַּיּוֹם הַשֵּׁנִי בְּמִשְׁתֵּה הַיַּיִן מַה־שְּׁאֵלָתֵךְ אֶסְתֵּר הַמַּלְכָּה וְתִנָּתֵן לָךְ וּמַה־בַּקָּשָׁתֵךְ
